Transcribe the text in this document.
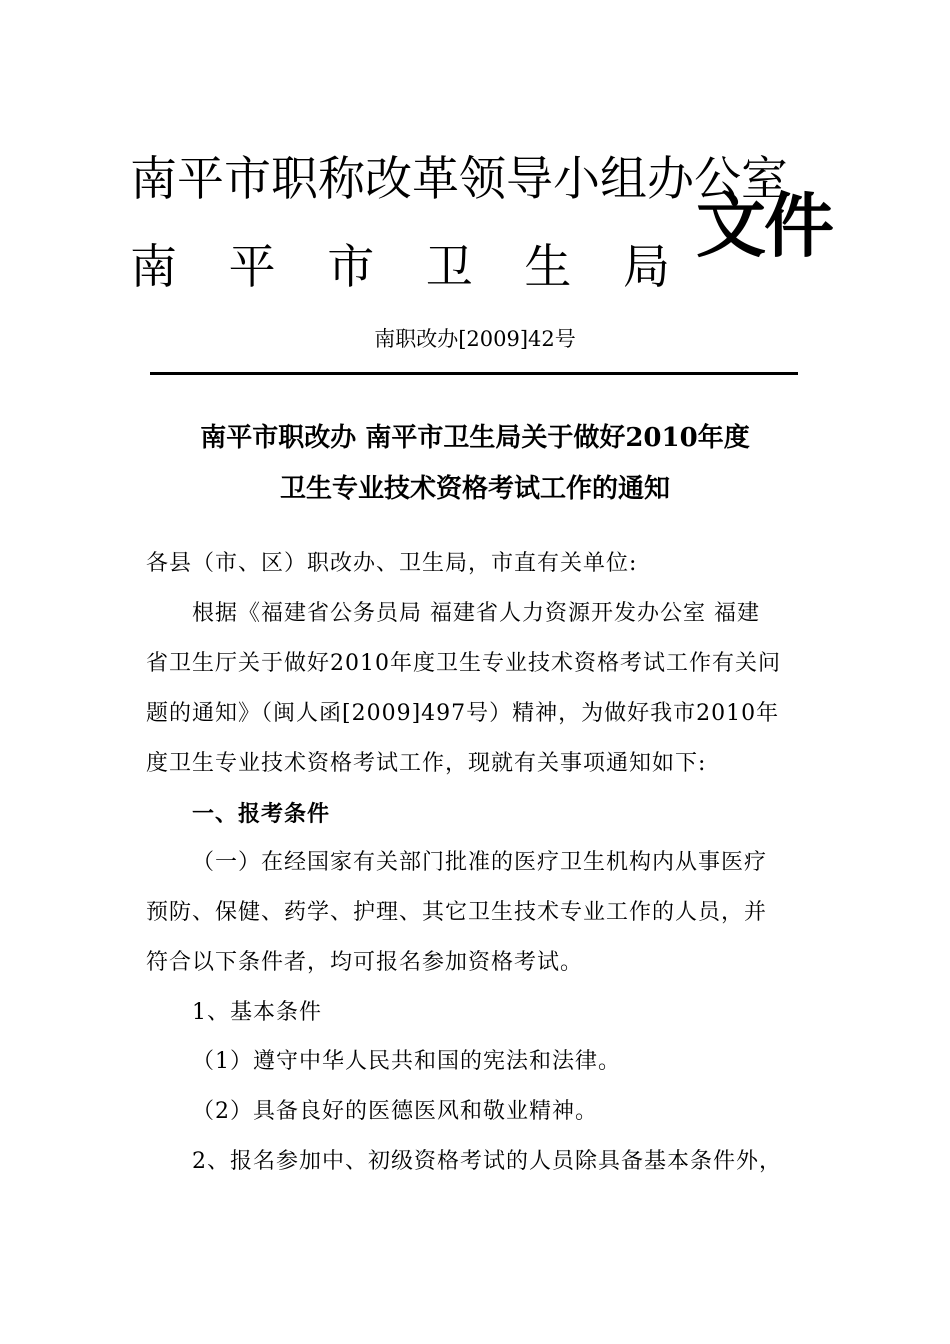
南平市职称改革领导小组办公室
南 平 市 卫 生 局
文件
南职改办[2009]42号
南平市职改办 南平市卫生局关于做好2010年度
卫生专业技术资格考试工作的通知
各县（市、区）职改办、卫生局，市直有关单位:
根据《福建省公务员局 福建省人力资源开发办公室 福建
省卫生厅关于做好2010年度卫生专业技术资格考试工作有关问
题的通知》（闽人函[2009]497号）精神，为做好我市2010年
度卫生专业技术资格考试工作，现就有关事项通知如下:
一、报考条件
（一）在经国家有关部门批准的医疗卫生机构内从事医疗
预防、保健、药学、护理、其它卫生技术专业工作的人员，并
符合以下条件者，均可报名参加资格考试。
1、基本条件
（1）遵守中华人民共和国的宪法和法律。
（2）具备良好的医德医风和敬业精神。
2、报名参加中、初级资格考试的人员除具备基本条件外，
